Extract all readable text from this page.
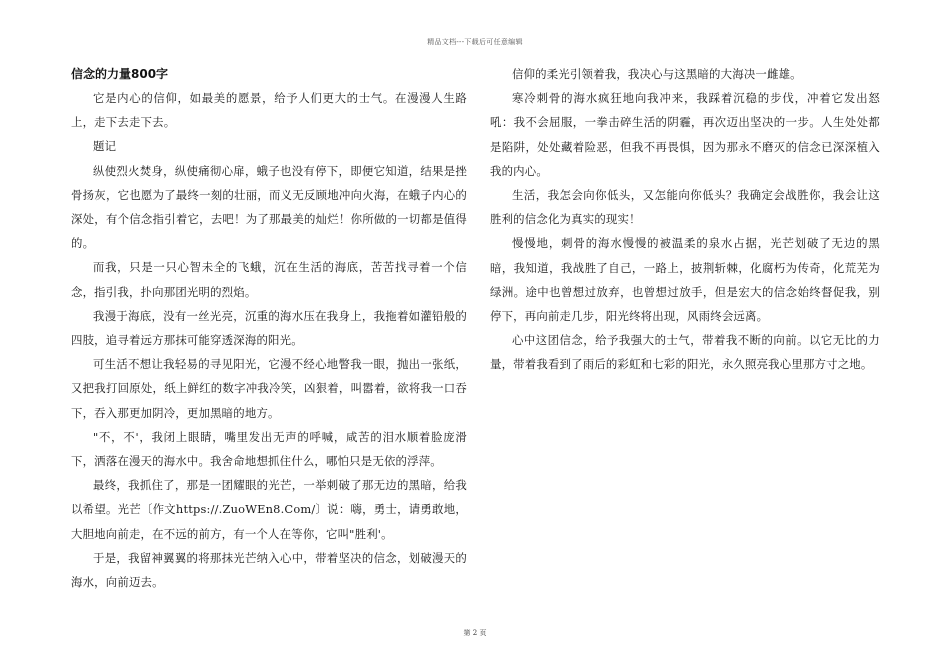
精品文档---下载后可任意编辑
信念的力量800字

它是内心的信仰，如最美的愿景，给予人们更大的士气。在漫漫人生路上，走下去走下去。

题记

纵使烈火焚身，纵使痛彻心扉，蛾子也没有停下，即便它知道，结果是挫骨扬灰，它也愿为了最终一刻的壮丽，而义无反顾地冲向火海，在蛾子内心的深处，有个信念指引着它，去吧！为了那最美的灿烂！你所做的一切都是值得的。

而我，只是一只心智未全的飞蛾，沉在生活的海底，苦苦找寻着一个信念，指引我，扑向那团光明的烈焰。

我漫于海底，没有一丝光亮，沉重的海水压在我身上，我拖着如灌铅般的四肢，追寻着远方那抹可能穿透深海的阳光。

可生活不想让我轻易的寻见阳光，它漫不经心地瞥我一眼，抛出一张纸，又把我打回原处，纸上鲜红的数字冲我冷笑，凶狠着，叫嚣着，欲将我一口吞下，吞入那更加阴冷，更加黑暗的地方。

"不，不'，我闭上眼睛，嘴里发出无声的呼喊，咸苦的泪水顺着脸庞滑下，洒落在漫天的海水中。我舍命地想抓住什么，哪怕只是无依的浮萍。

最终，我抓住了，那是一团耀眼的光芒，一举刺破了那无边的黑暗，给我以希望。光芒〔作文https://.ZuoWEn8.Com/〕说：嗨，勇士，请勇敢地，大胆地向前走，在不远的前方，有一个人在等你，它叫"胜利'。

于是，我留神翼翼的将那抹光芒纳入心中，带着坚决的信念，划破漫天的海水，向前迈去。

信仰的柔光引领着我，我决心与这黑暗的大海决一雌雄。

寒冷刺骨的海水疯狂地向我冲来，我踩着沉稳的步伐，冲着它发出怒吼：我不会屈服，一拳击碎生活的阴霾，再次迈出坚决的一步。人生处处都是陷阱，处处藏着险恶，但我不再畏惧，因为那永不磨灭的信念已深深植入我的内心。

生活，我怎会向你低头，又怎能向你低头？我确定会战胜你，我会让这胜利的信念化为真实的现实！

慢慢地，刺骨的海水慢慢的被温柔的泉水占据，光芒划破了无边的黑暗，我知道，我战胜了自己，一路上，披荆斩棘，化腐朽为传奇，化荒芜为绿洲。途中也曾想过放弃，也曾想过放手，但是宏大的信念始终督促我，别停下，再向前走几步，阳光终将出现，风雨终会远离。

心中这团信念，给予我强大的士气，带着我不断的向前。以它无比的力量，带着我看到了雨后的彩虹和七彩的阳光，永久照亮我心里那方寸之地。

第 2 页
